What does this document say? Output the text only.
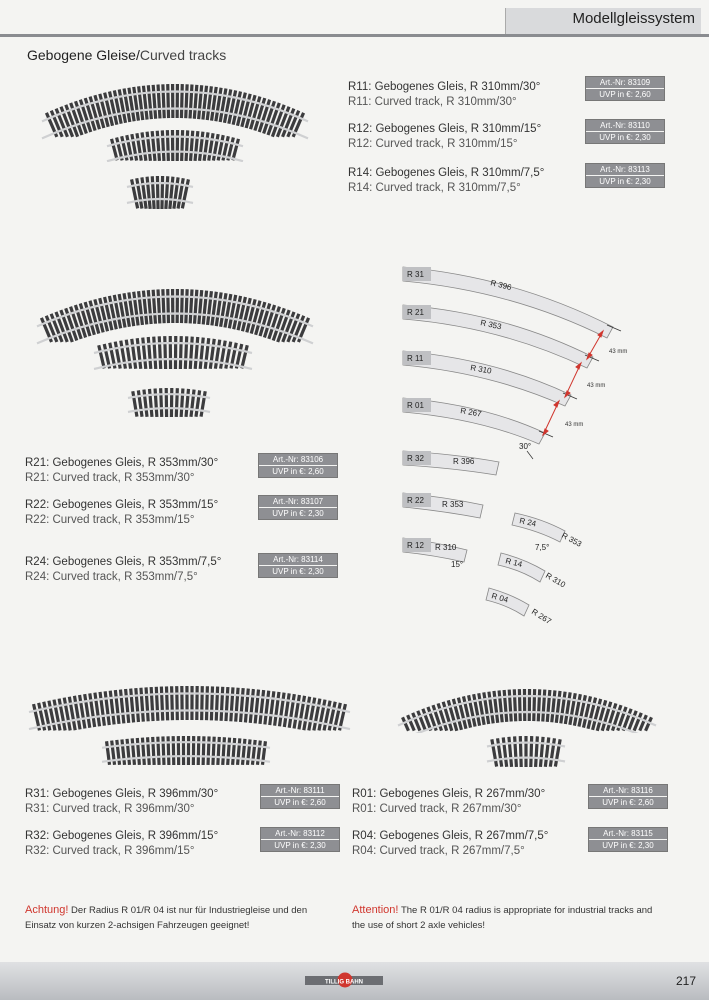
Modellgleissystem
Gebogene Gleise/Curved tracks
R11: Gebogenes Gleis, R 310mm/30°
R11: Curved track, R 310mm/30°
Art.-Nr: 83109
UVP in €: 2,60
R12: Gebogenes Gleis, R 310mm/15°
R12: Curved track, R 310mm/15°
Art.-Nr: 83110
UVP in €: 2,30
R14: Gebogenes Gleis, R 310mm/7,5°
R14: Curved track, R 310mm/7,5°
Art.-Nr: 83113
UVP in €: 2,30
R21: Gebogenes Gleis, R 353mm/30°
R21: Curved track, R 353mm/30°
Art.-Nr: 83106
UVP in €: 2,60
R22: Gebogenes Gleis, R 353mm/15°
R22: Curved track, R 353mm/15°
Art.-Nr: 83107
UVP in €: 2,30
R24: Gebogenes Gleis, R 353mm/7,5°
R24: Curved track, R 353mm/7,5°
Art.-Nr: 83114
UVP in €: 2,30
R31: Gebogenes Gleis, R 396mm/30°
R31: Curved track, R 396mm/30°
Art.-Nr: 83111
UVP in €: 2,60
R32: Gebogenes Gleis, R 396mm/15°
R32: Curved track, R 396mm/15°
Art.-Nr: 83112
UVP in €: 2,30
R01: Gebogenes Gleis, R 267mm/30°
R01: Curved track, R 267mm/30°
Art.-Nr: 83116
UVP in €: 2,60
R04: Gebogenes Gleis, R 267mm/7,5°
R04: Curved track, R 267mm/7,5°
Art.-Nr: 83115
UVP in €: 2,30
R 31
R 396
R 21
R 353
R 11
R 310
R 01
R 267
R 32	R 396
R 22 R 353
R 12 R 310
R 24
R 353
R 14
R 310
R 04
R 267
30°
7,5°
15°
43 mm
43 mm
43 mm
Achtung! Der Radius R 01/R 04 ist nur für Industriegleise und den Einsatz von kurzen 2-achsigen Fahrzeugen geeignet!
Attention! The R 01/R 04 radius is appropriate for industrial tracks and the use of short 2 axle vehicles!
TILLIG BAHN	217
